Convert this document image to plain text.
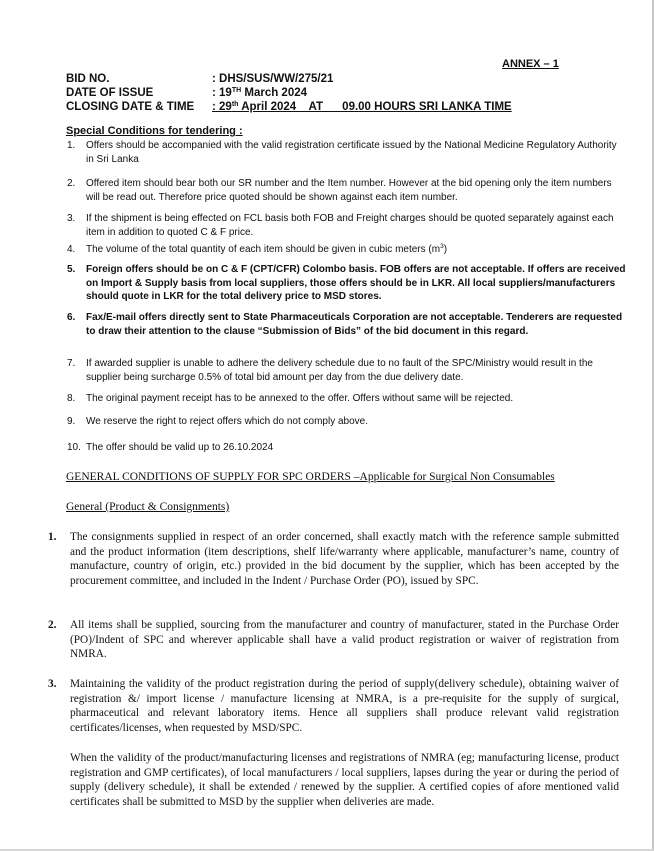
ANNEX – 1
BID NO.	: DHS/SUS/WW/275/21
DATE OF ISSUE	: 19TH March 2024
CLOSING DATE & TIME : 29th April 2024    AT      09.00 HOURS SRI LANKA TIME
Special Conditions for tendering :
1. Offers should be accompanied with the valid registration certificate issued by the National Medicine Regulatory Authority in Sri Lanka
2. Offered item should bear both our SR number and the Item number. However at the bid opening only the item numbers will be read out. Therefore price quoted should be shown against each item number.
3. If the shipment is being effected on FCL basis both FOB and Freight charges should be quoted separately against each item in addition to quoted C & F price.
4. The volume of the total quantity of each item should be given in cubic meters $(m^3)$
5. Foreign offers should be on C & F (CPT/CFR) Colombo basis. FOB offers are not acceptable. If offers are received on Import & Supply basis from local suppliers, those offers should be in LKR. All local suppliers/manufacturers should quote in LKR for the total delivery price to MSD stores.
6. Fax/E-mail offers directly sent to State Pharmaceuticals Corporation are not acceptable. Tenderers are requested to draw their attention to the clause “Submission of Bids” of the bid document in this regard.
7. If awarded supplier is unable to adhere the delivery schedule due to no fault of the SPC/Ministry would result in the supplier being surcharge 0.5% of total bid amount per day from the due delivery date.
8. The original payment receipt has to be annexed to the offer. Offers without same will be rejected.
9. We reserve the right to reject offers which do not comply above.
10. The offer should be valid up to 26.10.2024
GENERAL CONDITIONS OF SUPPLY FOR SPC ORDERS –Applicable for Surgical Non Consumables
General (Product & Consignments)
1. The consignments supplied in respect of an order concerned, shall exactly match with the reference sample submitted and the product information (item descriptions, shelf life/warranty where applicable, manufacturer’s name, country of manufacture, country of origin, etc.) provided in the bid document by the supplier, which has been accepted by the procurement committee, and included in the Indent / Purchase Order (PO), issued by SPC.
2. All items shall be supplied, sourcing from the manufacturer and country of manufacturer, stated in the Purchase Order (PO)/Indent of SPC and wherever applicable shall have a valid product registration or waiver of registration from NMRA.
3. Maintaining the validity of the product registration during the period of supply(delivery schedule), obtaining waiver of registration &/ import license / manufacture licensing at NMRA, is a pre-requisite for the supply of surgical, pharmaceutical and relevant laboratory items. Hence all suppliers shall produce relevant valid registration certificates/licenses, when requested by MSD/SPC.
When the validity of the product/manufacturing licenses and registrations of NMRA (eg; manufacturing license, product registration and GMP certificates), of local manufacturers / local suppliers, lapses during the year or during the period of supply (delivery schedule), it shall be extended / renewed by the supplier. A certified copies of afore mentioned valid certificates shall be submitted to MSD by the supplier when deliveries are made.
